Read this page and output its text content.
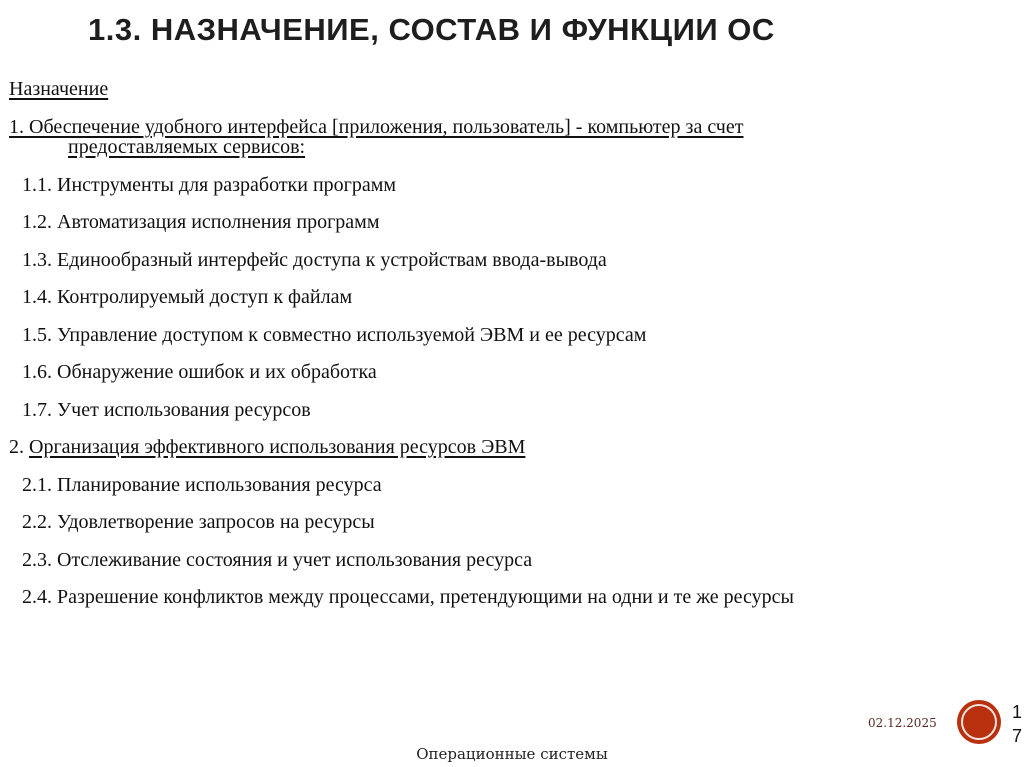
1.3. НАЗНАЧЕНИЕ, СОСТАВ И ФУНКЦИИ ОС
Назначение
1. Обеспечение удобного интерфейса [приложения, пользователь] - компьютер за счет
предоставляемых сервисов:
1.1. Инструменты для разработки программ
1.2. Автоматизация исполнения программ
1.3. Единообразный интерфейс доступа к устройствам ввода-вывода
1.4. Контролируемый доступ к файлам
1.5. Управление доступом к совместно используемой ЭВМ и ее ресурсам
1.6. Обнаружение ошибок и их обработка
1.7. Учет использования ресурсов
2. Организация эффективного использования ресурсов ЭВМ
2.1. Планирование использования ресурса
2.2. Удовлетворение запросов на ресурсы
2.3. Отслеживание состояния и учет использования ресурса
2.4. Разрешение конфликтов между процессами, претендующими на одни и те же ресурсы
02.12.2025
17
Операционные системы
